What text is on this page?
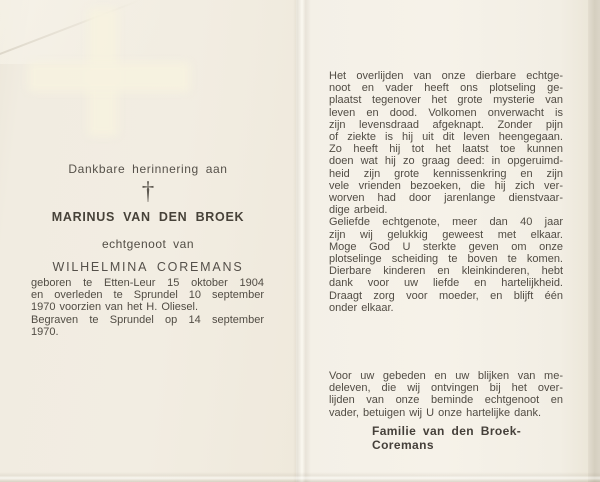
Dankbare herinnering aan
†
MARINUS VAN DEN BROEK
echtgenoot van
WILHELMINA COREMANS
geboren te Etten-Leur 15 oktober 1904
en overleden te Sprundel 10 september
1970 voorzien van het H. Oliesel.
Begraven te Sprundel op 14 september
1970.
Het overlijden van onze dierbare echtge-
noot en vader heeft ons plotseling ge-
plaatst tegenover het grote mysterie van
leven en dood. Volkomen onverwacht is
zijn levensdraad afgeknapt. Zonder pijn
of ziekte is hij uit dit leven heengegaan.
Zo heeft hij tot het laatst toe kunnen
doen wat hij zo graag deed: in opgeruimd-
heid zijn grote kennissenkring en zijn
vele vrienden bezoeken, die hij zich ver-
worven had door jarenlange dienstvaar-
dige arbeid.
Geliefde echtgenote, meer dan 40 jaar
zijn wij gelukkig geweest met elkaar.
Moge God U sterkte geven om onze
plotselinge scheiding te boven te komen.
Dierbare kinderen en kleinkinderen, hebt
dank voor uw liefde en hartelijkheid.
Draagt zorg voor moeder, en blijft één
onder elkaar.
Voor uw gebeden en uw blijken van me-
deleven, die wij ontvingen bij het over-
lijden van onze beminde echtgenoot en
vader, betuigen wij U onze hartelijke dank.
Familie van den Broek-Coremans
